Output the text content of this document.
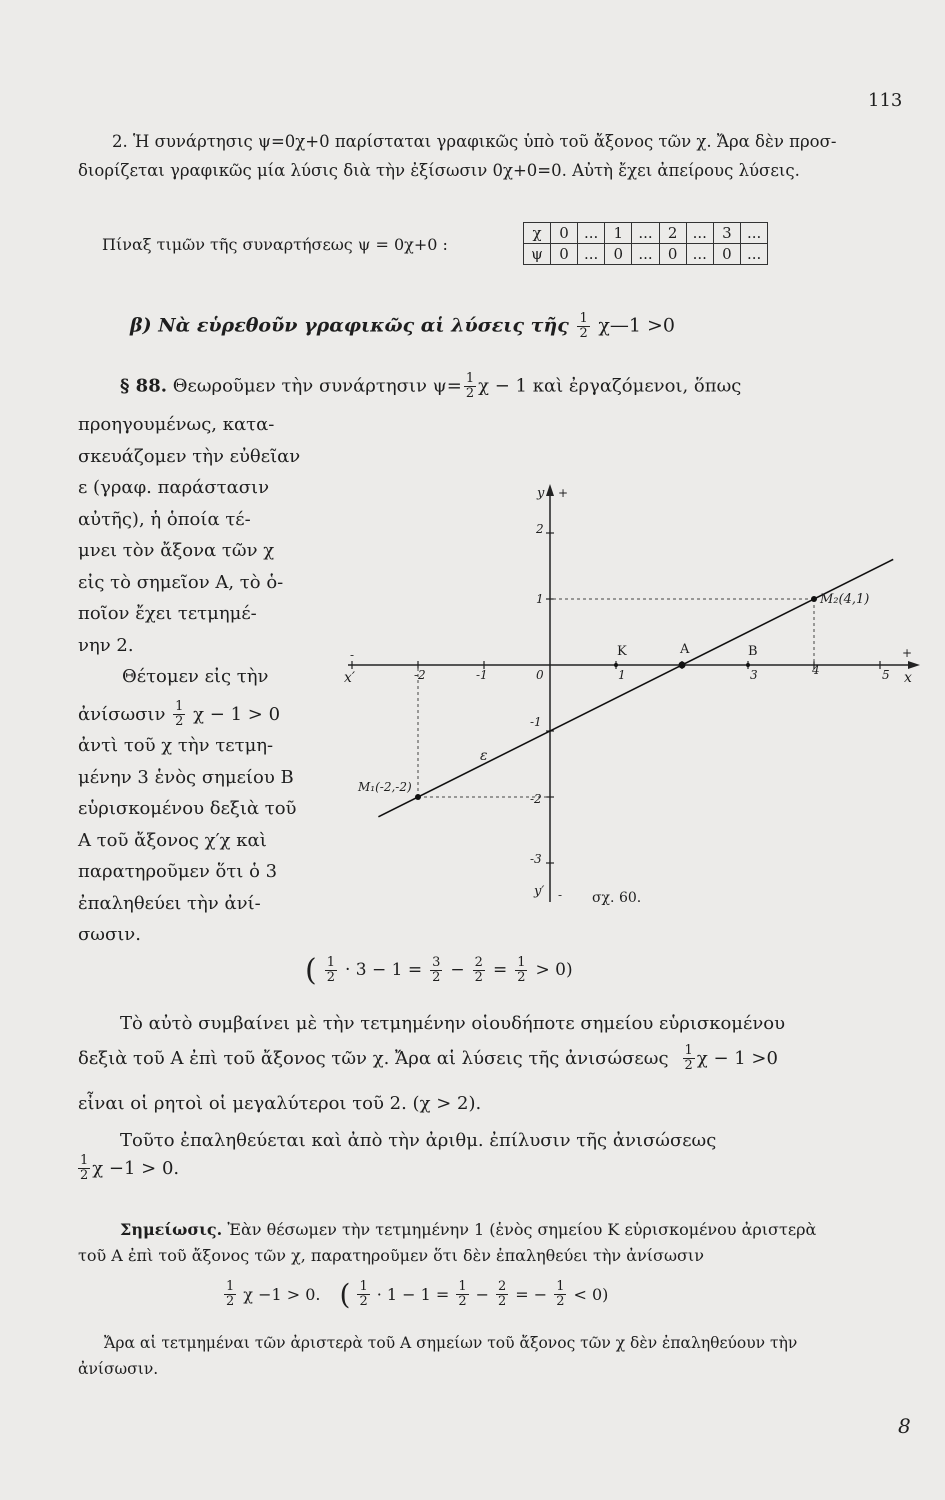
113
2. Ἡ συνάρτησις ψ=0χ+0 παρίσταται γραφικῶς ὑπὸ τοῦ ἄξονος τῶν χ. Ἄρα δὲν προσ-
διορίζεται γραφικῶς μία λύσις διὰ τὴν ἐξίσωσιν 0χ+0=0. Αὐτὴ ἔχει ἀπείρους λύσεις.
Πίναξ τιμῶν τῆς συναρτήσεως ψ = 0χ+0 :
χ	0	...	1	...	2	...	3	...
ψ	0	...	0	...	0	...	0	...
β) Νὰ εὑρεθοῦν γραφικῶς αἱ λύσεις τῆς $\frac{1}{2}$ χ—1 >0
§ 88. Θεωροῦμεν τὴν συνάρτησιν $\psi= \frac{1}{2}$ χ − 1 καὶ ἐργαζόμενοι, ὅπως
προηγουμένως, κατα-
σκευάζομεν τὴν εὐθεῖαν
ε (γραφ. παράστασιν
αὐτῆς), ἡ ὁποία τέ-
μνει τὸν ἄξονα τῶν χ
εἰς τὸ σημεῖον Α, τὸ ὁ-
ποῖον ἔχει τετμημέ-
νην 2.
Θέτομεν εἰς τὴν
ἀνίσωσιν $\frac{1}{2}$ χ − 1 > 0
ἀντὶ τοῦ χ τὴν τετμη-
μένην 3 ἑνὸς σημείου Β
εὑρισκομένου δεξιὰ τοῦ
Α τοῦ ἄξονος χ′χ καὶ
παρατηροῦμεν ὅτι ὁ 3
ἐπαληθεύει τὴν ἀνί-
σωσιν.
y +
y′ -
x′
-
x
+
0
-2	-1	1	3	4	5
2
1
-1
-2
-3
K	A	B
M₂(4,1)
M₁(-2,-2)
ε
σχ. 60.
( $\frac{1}{2} \cdot 3 - 1 = \frac{3}{2} - \frac{2}{2} = \frac{1}{2} > 0$)
Τὸ αὐτὸ συμβαίνει μὲ τὴν τετμημένην οἱουδήποτε σημείου εὑρισκομένου
δεξιὰ τοῦ Α ἐπὶ τοῦ ἄξονος τῶν χ. Ἄρα αἱ λύσεις τῆς ἀνισώσεως $\frac{1}{2}$ χ − 1 >0
εἶναι οἱ ρητοὶ οἱ μεγαλύτεροι τοῦ 2. (χ > 2).
Τοῦτο ἐπαληθεύεται καὶ ἀπὸ τὴν ἀριθμ. ἐπίλυσιν τῆς ἀνισώσεως
$\frac{1}{2}$ χ −1 > 0.
Σημείωσις. Ἐὰν θέσωμεν τὴν τετμημένην 1 (ἑνὸς σημείου Κ εὑρισκομένου ἀριστερὰ
τοῦ Α ἐπὶ τοῦ ἄξονος τῶν χ, παρατηροῦμεν ὅτι δὲν ἐπαληθεύει τὴν ἀνίσωσιν
$\frac{1}{2}$ χ −1 > 0. ( $\frac{1}{2} \cdot 1 - 1 = \frac{1}{2} - \frac{2}{2}$ = − $\frac{1}{2} < 0$)
Ἄρα αἱ τετμημέναι τῶν ἀριστερὰ τοῦ Α σημείων τοῦ ἄξονος τῶν χ δὲν ἐπαληθεύουν τὴν
ἀνίσωσιν.
8
